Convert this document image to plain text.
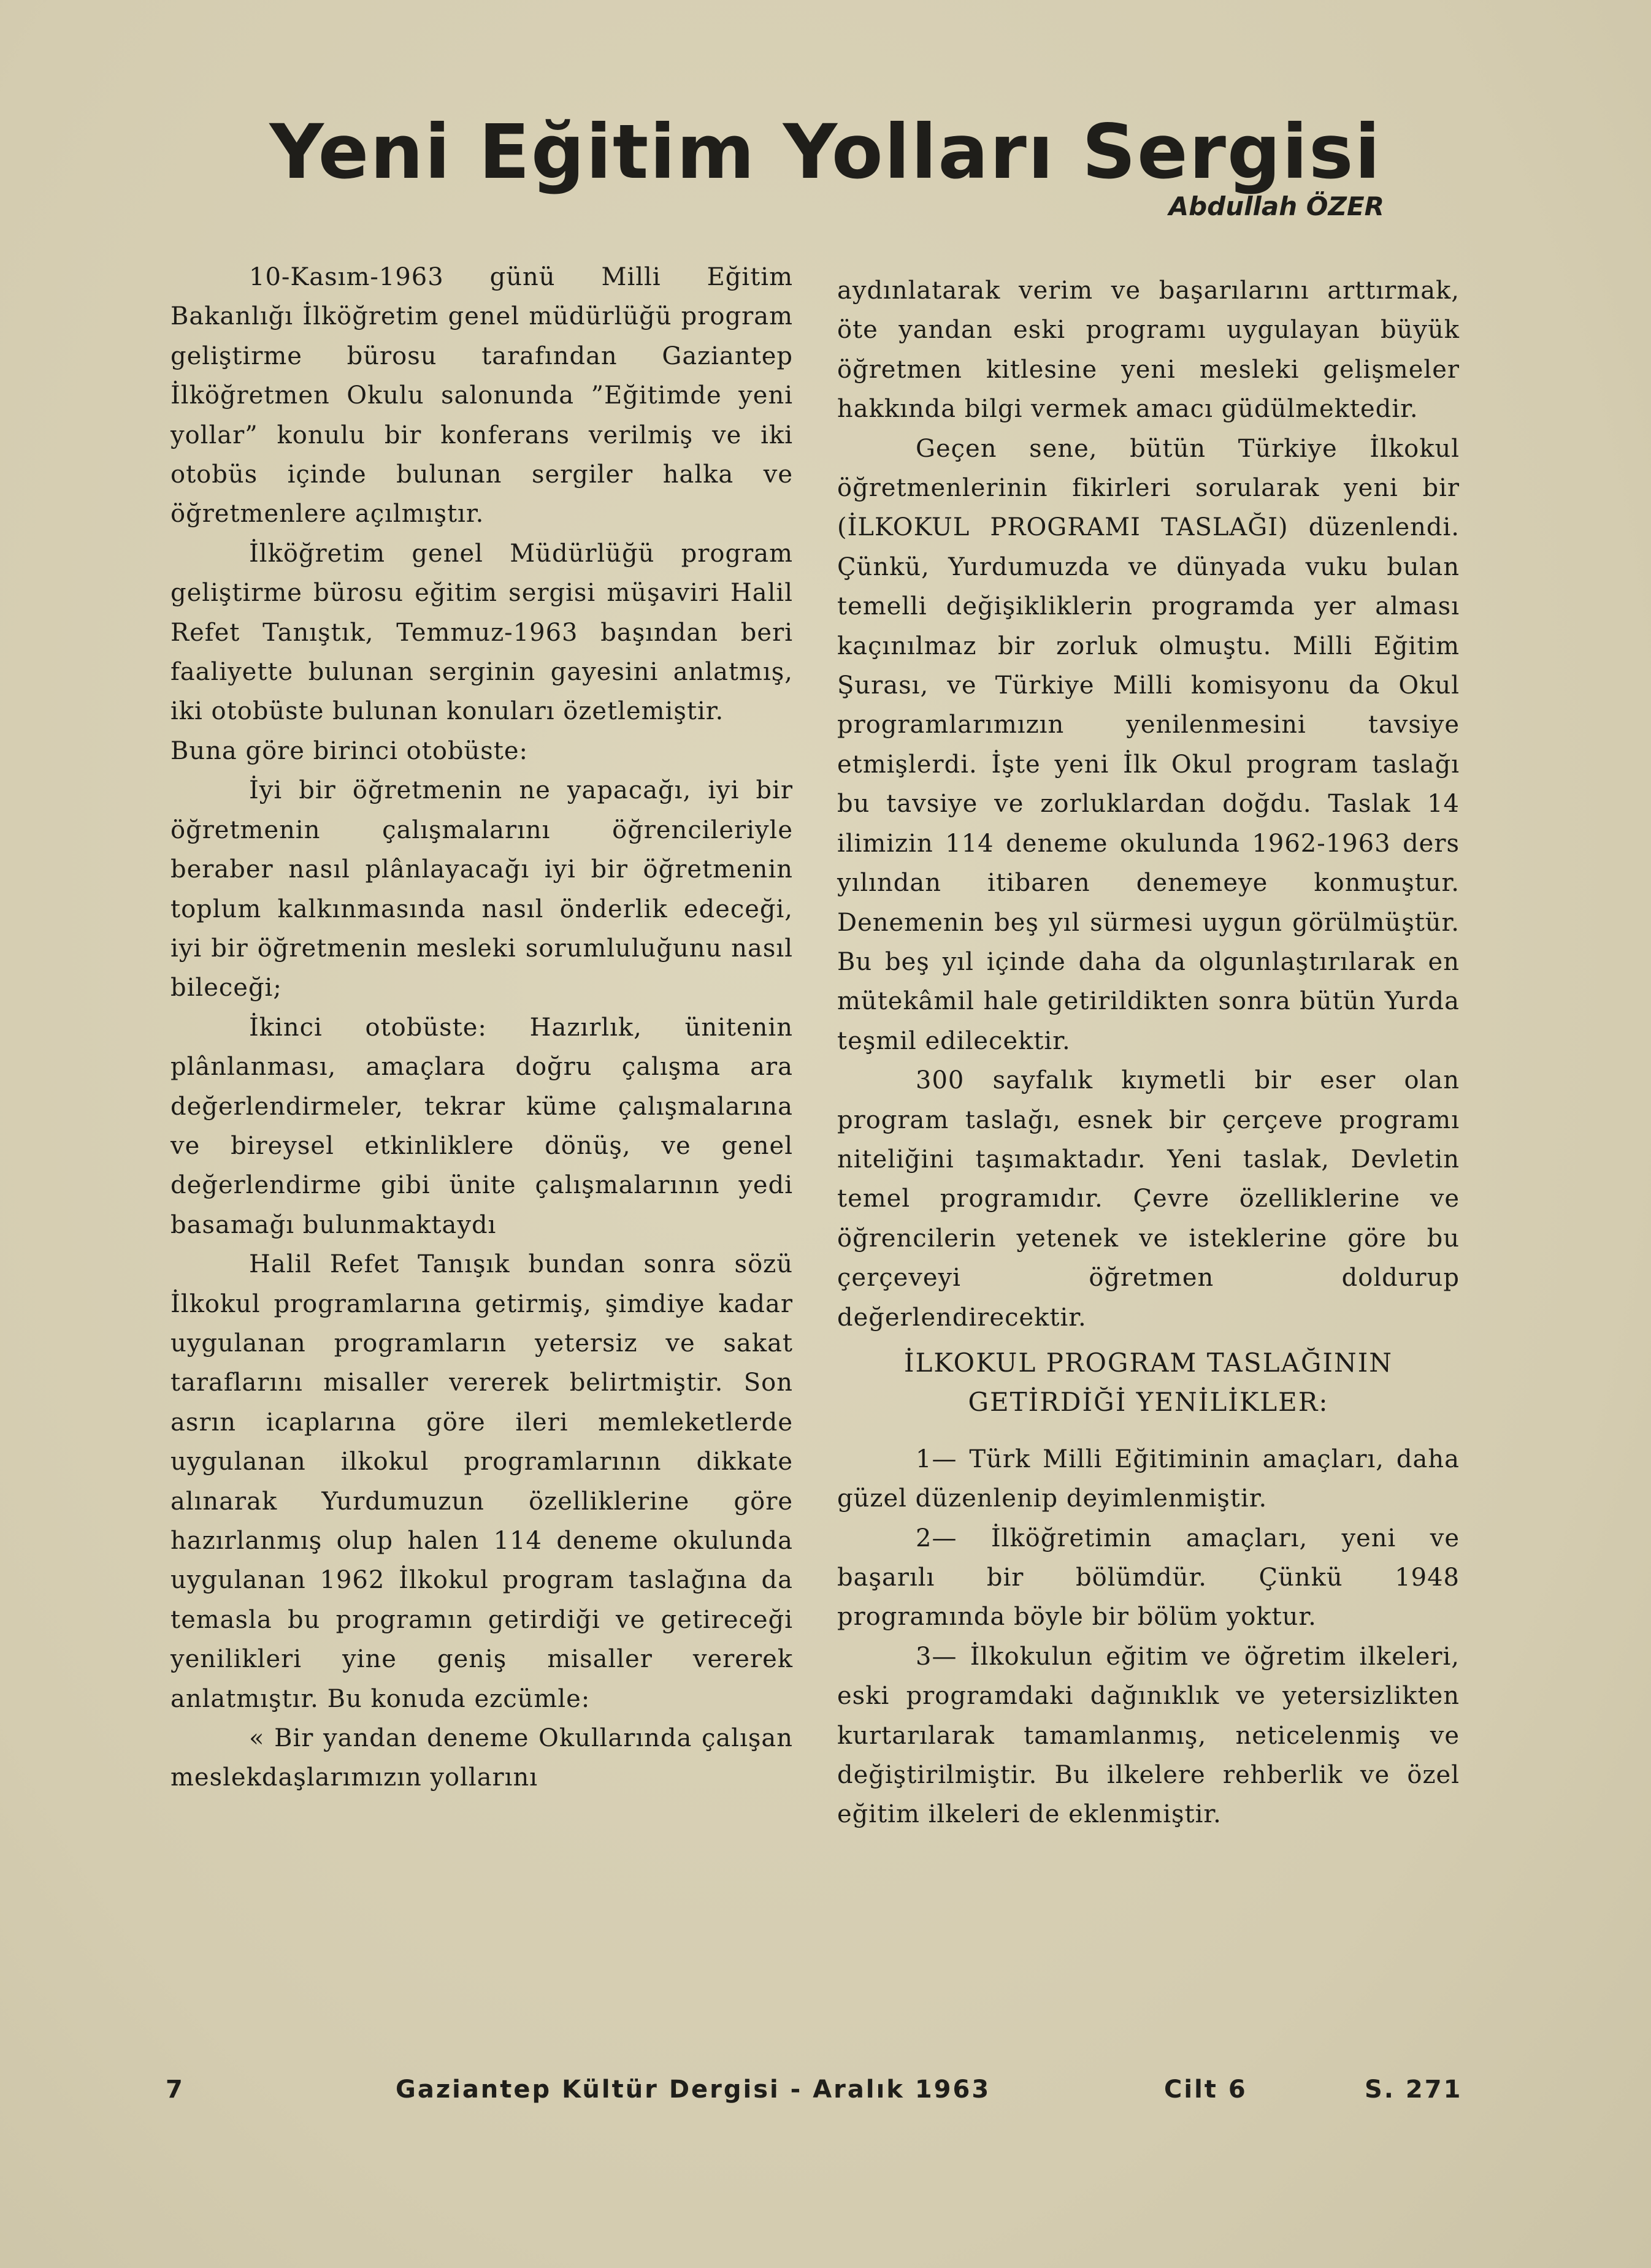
Yeni Eğitim Yolları Sergisi
Abdullah ÖZER

10-Kasım-1963 günü Milli Eğitim Bakanlığı İlköğretim genel müdürlüğü program geliştirme bürosu tarafından Gaziantep İlköğretmen Okulu salonunda ”Eğitimde yeni yollar” konulu bir konferans verilmiş ve iki otobüs içinde bulunan sergiler halka ve öğretmenlere açılmıştır.

İlköğretim genel Müdürlüğü program geliştirme bürosu eğitim sergisi müşaviri Halil Refet Tanıştık, Temmuz-1963 başından beri faaliyette bulunan serginin gayesini anlatmış, iki otobüste bulunan konuları özetlemiştir.

Buna göre birinci otobüste:

İyi bir öğretmenin ne yapacağı, iyi bir öğretmenin çalışmalarını öğrencileriyle beraber nasıl plânlayacağı iyi bir öğretmenin toplum kalkınmasında nasıl önderlik edeceği, iyi bir öğretmenin mesleki sorumluluğunu nasıl bileceği;

İkinci otobüste: Hazırlık, ünitenin plânlanması, amaçlara doğru çalışma ara değerlendirmeler, tekrar küme çalışmalarına ve bireysel etkinliklere dönüş, ve genel değerlendirme gibi ünite çalışmalarının yedi basamağı bulunmaktaydı

Halil Refet Tanışık bundan sonra sözü İlkokul programlarına getirmiş, şimdiye kadar uygulanan programların yetersiz ve sakat taraflarını misaller vererek belirtmiştir. Son asrın icaplarına göre ileri memleketlerde uygulanan ilkokul programlarının dikkate alınarak Yurdumuzun özelliklerine göre hazırlanmış olup halen 114 deneme okulunda uygulanan 1962 İlkokul program taslağına da temasla bu programın getirdiği ve getireceği yenilikleri yine geniş misaller vererek anlatmıştır. Bu konuda ezcümle:

« Bir yandan deneme Okullarında çalışan meslekdaşlarımızın yollarını

aydınlatarak verim ve başarılarını arttırmak, öte yandan eski programı uygulayan büyük öğretmen kitlesine yeni mesleki gelişmeler hakkında bilgi vermek amacı güdülmektedir.

Geçen sene, bütün Türkiye İlkokul öğretmenlerinin fikirleri sorularak yeni bir (İLKOKUL PROGRAMI TASLAĞI) düzenlendi. Çünkü, Yurdumuzda ve dünyada vuku bulan temelli değişikliklerin programda yer alması kaçınılmaz bir zorluk olmuştu. Milli Eğitim Şurası, ve Türkiye Milli komisyonu da Okul programlarımızın yenilenmesini tavsiye etmişlerdi. İşte yeni İlk Okul program taslağı bu tavsiye ve zorluklardan doğdu. Taslak 14 ilimizin 114 deneme okulunda 1962-1963 ders yılından itibaren denemeye konmuştur. Denemenin beş yıl sürmesi uygun görülmüştür. Bu beş yıl içinde daha da olgunlaştırılarak en mütekâmil hale getirildikten sonra bütün Yurda teşmil edilecektir.

300 sayfalık kıymetli bir eser olan program taslağı, esnek bir çerçeve programı niteliğini taşımaktadır. Yeni taslak, Devletin temel programıdır. Çevre özelliklerine ve öğrencilerin yetenek ve isteklerine göre bu çerçeveyi öğretmen doldurup değerlendirecektir.

İLKOKUL PROGRAM TASLAĞININ
GETİRDİĞİ YENİLİKLER:

1— Türk Milli Eğitiminin amaçları, daha güzel düzenlenip deyimlenmiştir.

2— İlköğretimin amaçları, yeni ve başarılı bir bölümdür. Çünkü 1948 programında böyle bir bölüm yoktur.

3— İlkokulun eğitim ve öğretim ilkeleri, eski programdaki dağınıklık ve yetersizlikten kurtarılarak tamamlanmış, neticelenmiş ve değiştirilmiştir. Bu ilkelere rehberlik ve özel eğitim ilkeleri de eklenmiştir.

7	Gaziantep Kültür Dergisi - Aralık 1963	Cilt 6	S. 271
